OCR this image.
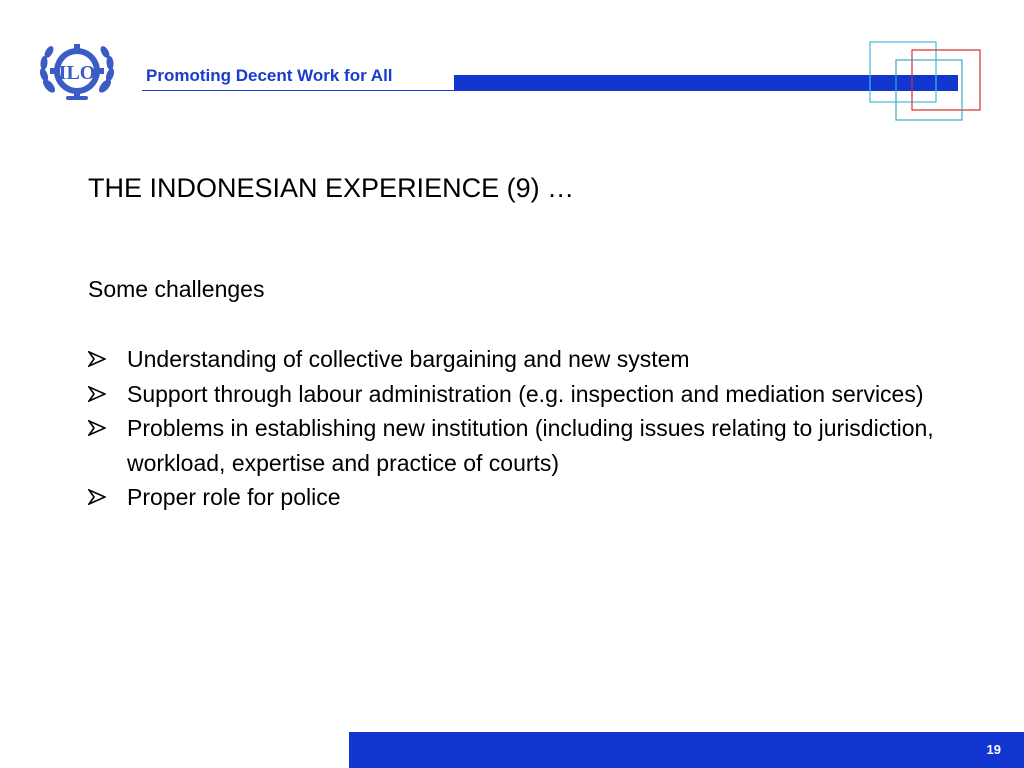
ILO	Promoting Decent Work for All
THE INDONESIAN EXPERIENCE (9) …
Some challenges
Understanding of collective bargaining and new system
Support through labour administration (e.g. inspection and mediation services)
Problems in establishing new institution (including issues relating to jurisdiction, workload, expertise and practice of courts)
Proper role for police
19
